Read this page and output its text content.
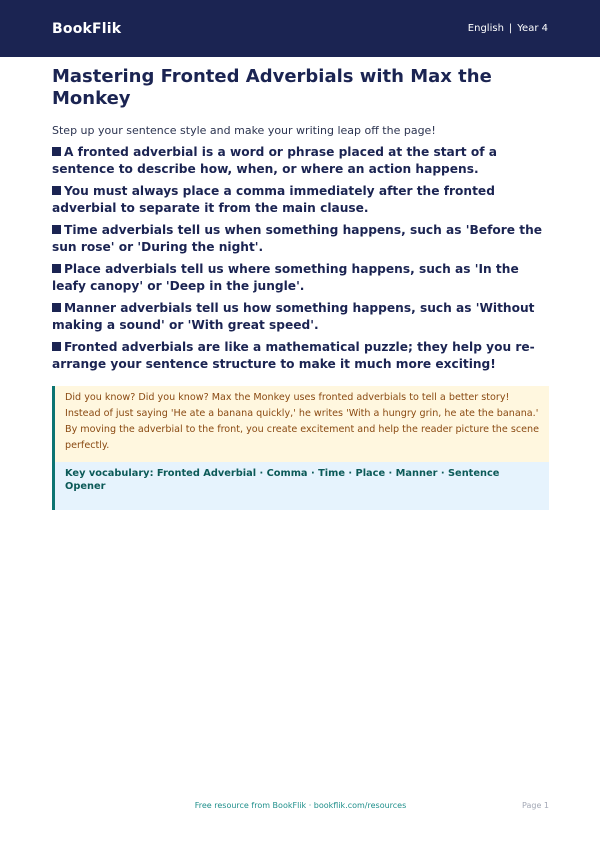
BookFlik	English | Year 4
Mastering Fronted Adverbials with Max the Monkey

Step up your sentence style and make your writing leap off the page!

A fronted adverbial is a word or phrase placed at the start of a sentence to describe how, when, or where an action happens.
You must always place a comma immediately after the fronted adverbial to separate it from the main clause.
Time adverbials tell us when something happens, such as 'Before the sun rose' or 'During the night'.
Place adverbials tell us where something happens, such as 'In the leafy canopy' or 'Deep in the jungle'.
Manner adverbials tell us how something happens, such as 'Without making a sound' or 'With great speed'.
Fronted adverbials are like a mathematical puzzle; they help you re-arrange your sentence structure to make it much more exciting!
Did you know? Did you know? Max the Monkey uses fronted adverbials to tell a better story! Instead of just saying 'He ate a banana quickly,' he writes 'With a hungry grin, he ate the banana.' By moving the adverbial to the front, you create excitement and help the reader picture the scene perfectly.
Key vocabulary: Fronted Adverbial · Comma · Time · Place · Manner · Sentence Opener
Free resource from BookFlik · bookflik.com/resources	Page 1
